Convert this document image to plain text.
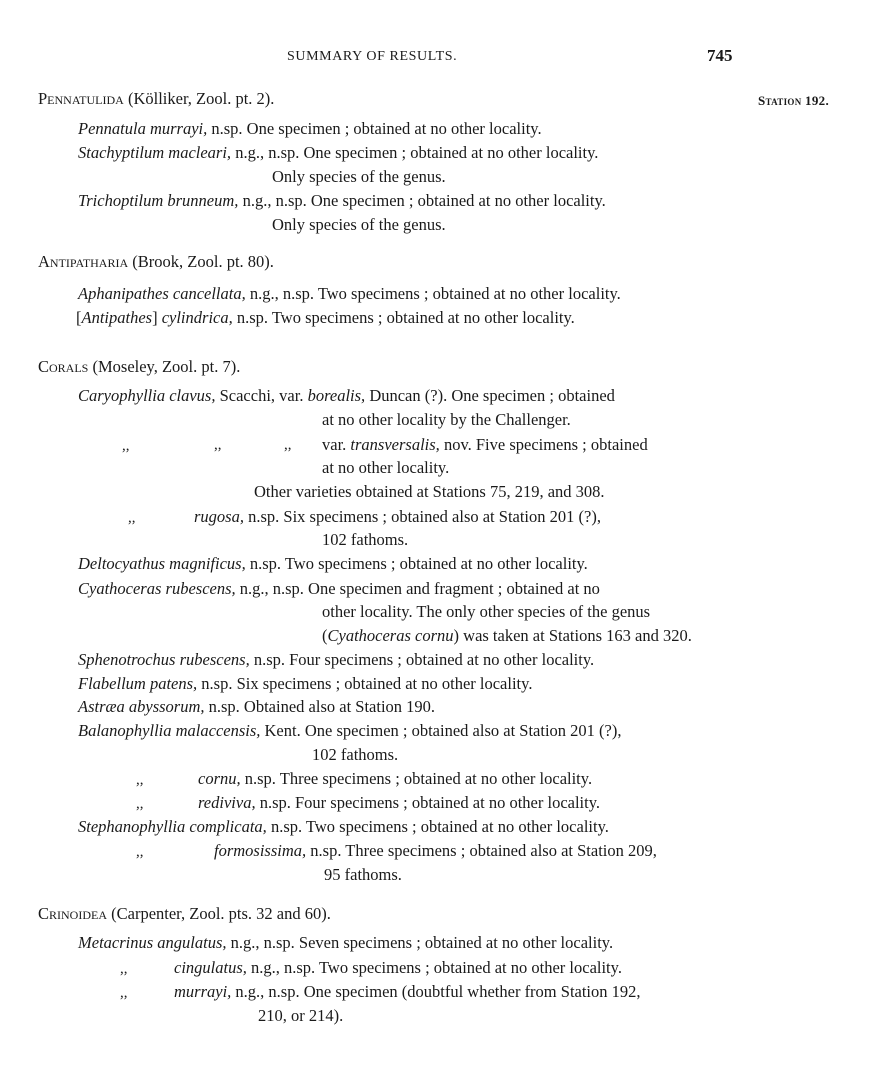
SUMMARY OF RESULTS.	745
Station 192.
Pennatulida (Kölliker, Zool. pt. 2).
Pennatula murrayi, n.sp. One specimen ; obtained at no other locality.
Stachyptilum macleari, n.g., n.sp. One specimen ; obtained at no other locality.
Only species of the genus.
Trichoptilum brunneum, n.g., n.sp. One specimen ; obtained at no other locality.
Only species of the genus.
Antipatharia (Brook, Zool. pt. 80).
Aphanipathes cancellata, n.g., n.sp. Two specimens ; obtained at no other locality.
[Antipathes] cylindrica, n.sp. Two specimens ; obtained at no other locality.
Corals (Moseley, Zool. pt. 7).
Caryophyllia clavus, Scacchi, var. borealis, Duncan (?). One specimen ; obtained
at no other locality by the Challenger.
,,	,,	,, var. transversalis, nov. Five specimens ; obtained
at no other locality.
Other varieties obtained at Stations 75, 219, and 308.
,,	rugosa, n.sp. Six specimens ; obtained also at Station 201 (?),
102 fathoms.
Deltocyathus magnificus, n.sp. Two specimens ; obtained at no other locality.
Cyathoceras rubescens, n.g., n.sp. One specimen and fragment ; obtained at no
other locality. The only other species of the genus
(Cyathoceras cornu) was taken at Stations 163 and 320.
Sphenotrochus rubescens, n.sp. Four specimens ; obtained at no other locality.
Flabellum patens, n.sp. Six specimens ; obtained at no other locality.
Astræa abyssorum, n.sp. Obtained also at Station 190.
Balanophyllia malaccensis, Kent. One specimen ; obtained also at Station 201 (?),
102 fathoms.
,,	cornu, n.sp. Three specimens ; obtained at no other locality.
,,	rediviva, n.sp. Four specimens ; obtained at no other locality.
Stephanophyllia complicata, n.sp. Two specimens ; obtained at no other locality.
,,	formosissima, n.sp. Three specimens ; obtained also at Station 209,
95 fathoms.
Crinoidea (Carpenter, Zool. pts. 32 and 60).
Metacrinus angulatus, n.g., n.sp. Seven specimens ; obtained at no other locality.
,,	cingulatus, n.g., n.sp. Two specimens ; obtained at no other locality.
,,	murrayi, n.g., n.sp. One specimen (doubtful whether from Station 192,
210, or 214).
